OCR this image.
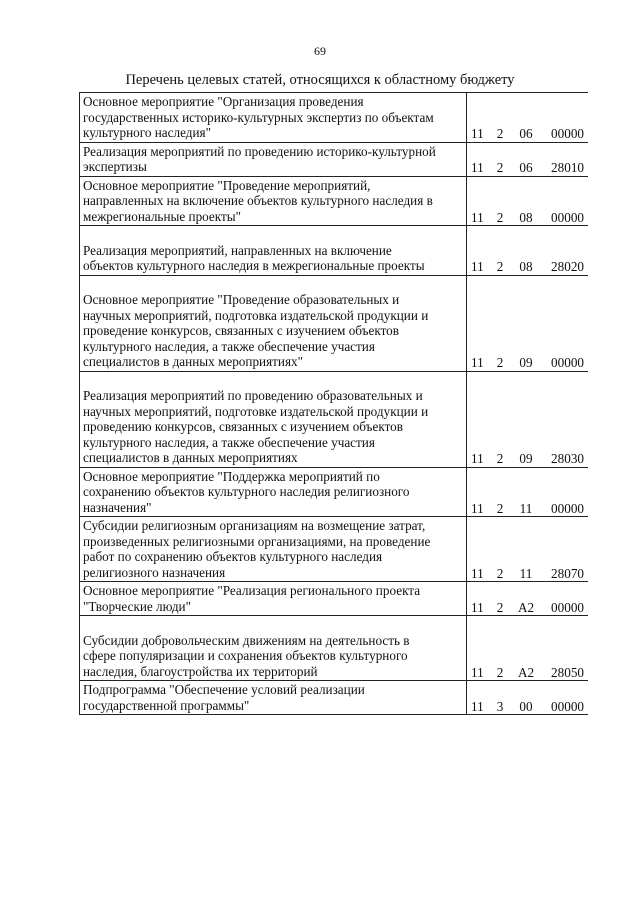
69
Перечень целевых статей, относящихся к областному бюджету
Основное мероприятие "Организация проведения
государственных историко-культурных экспертиз по объектам
культурного наследия"	11	2	06	00000

Реализация мероприятий по проведению историко-культурной
экспертизы	11	2	06	28010

Основное мероприятие "Проведение мероприятий,
направленных на включение объектов культурного наследия в
межрегиональные проекты"	11	2	08	00000

Реализация мероприятий, направленных на включение
объектов культурного наследия в межрегиональные проекты	11	2	08	28020

Основное мероприятие "Проведение образовательных и
научных мероприятий, подготовка издательской продукции и
проведение конкурсов, связанных с изучением объектов
культурного наследия, а также обеспечение участия
специалистов в данных мероприятиях"	11	2	09	00000

Реализация мероприятий по проведению образовательных и
научных мероприятий, подготовке издательской продукции и
проведению конкурсов, связанных с изучением объектов
культурного наследия, а также обеспечение участия
специалистов в данных мероприятиях	11	2	09	28030

Основное мероприятие "Поддержка мероприятий по
сохранению объектов культурного наследия религиозного
назначения"	11	2	11	00000

Субсидии религиозным организациям на возмещение затрат,
произведенных религиозными организациями, на проведение
работ по сохранению объектов культурного наследия
религиозного назначения	11	2	11	28070

Основное мероприятие "Реализация регионального проекта
"Творческие люди"	11	2	А2	00000

Субсидии добровольческим движениям на деятельность в
сфере популяризации и сохранения объектов культурного
наследия, благоустройства их территорий	11	2	А2	28050

Подпрограмма "Обеспечение условий реализации
государственной программы"	11	3	00	00000
